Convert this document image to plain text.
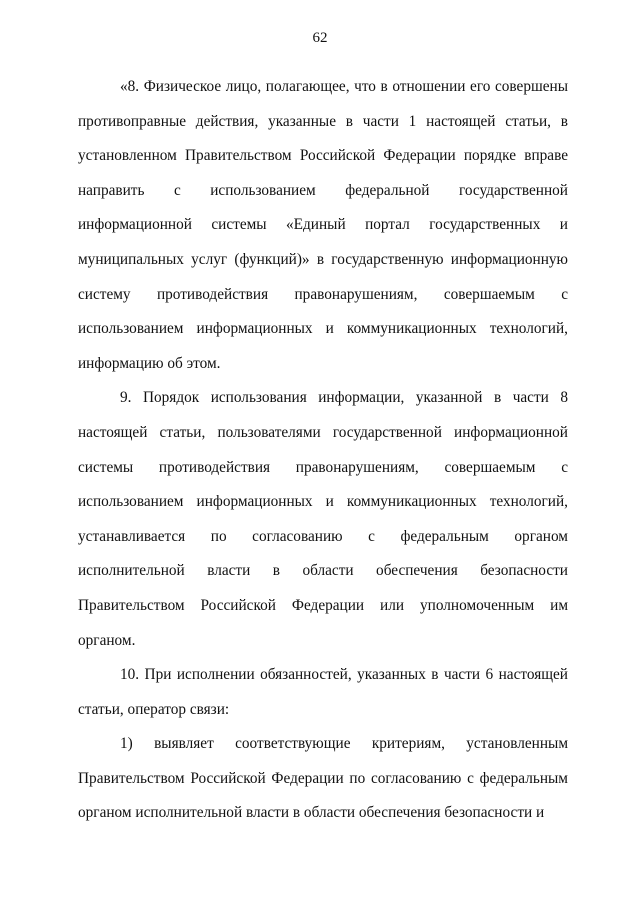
62

«8. Физическое лицо, полагающее, что в отношении его совершены противоправные действия, указанные в части 1 настоящей статьи, в установленном Правительством Российской Федерации порядке вправе направить с использованием федеральной государственной информационной системы «Единый портал государственных и муниципальных услуг (функций)» в государственную информационную систему противодействия правонарушениям, совершаемым с использованием информационных и коммуникационных технологий, информацию об этом.

9. Порядок использования информации, указанной в части 8 настоящей статьи, пользователями государственной информационной системы противодействия правонарушениям, совершаемым с использованием информационных и коммуникационных технологий, устанавливается по согласованию с федеральным органом исполнительной власти в области обеспечения безопасности Правительством Российской Федерации или уполномоченным им органом.

10. При исполнении обязанностей, указанных в части 6 настоящей статьи, оператор связи:

1) выявляет соответствующие критериям, установленным Правительством Российской Федерации по согласованию с федеральным органом исполнительной власти в области обеспечения безопасности и
